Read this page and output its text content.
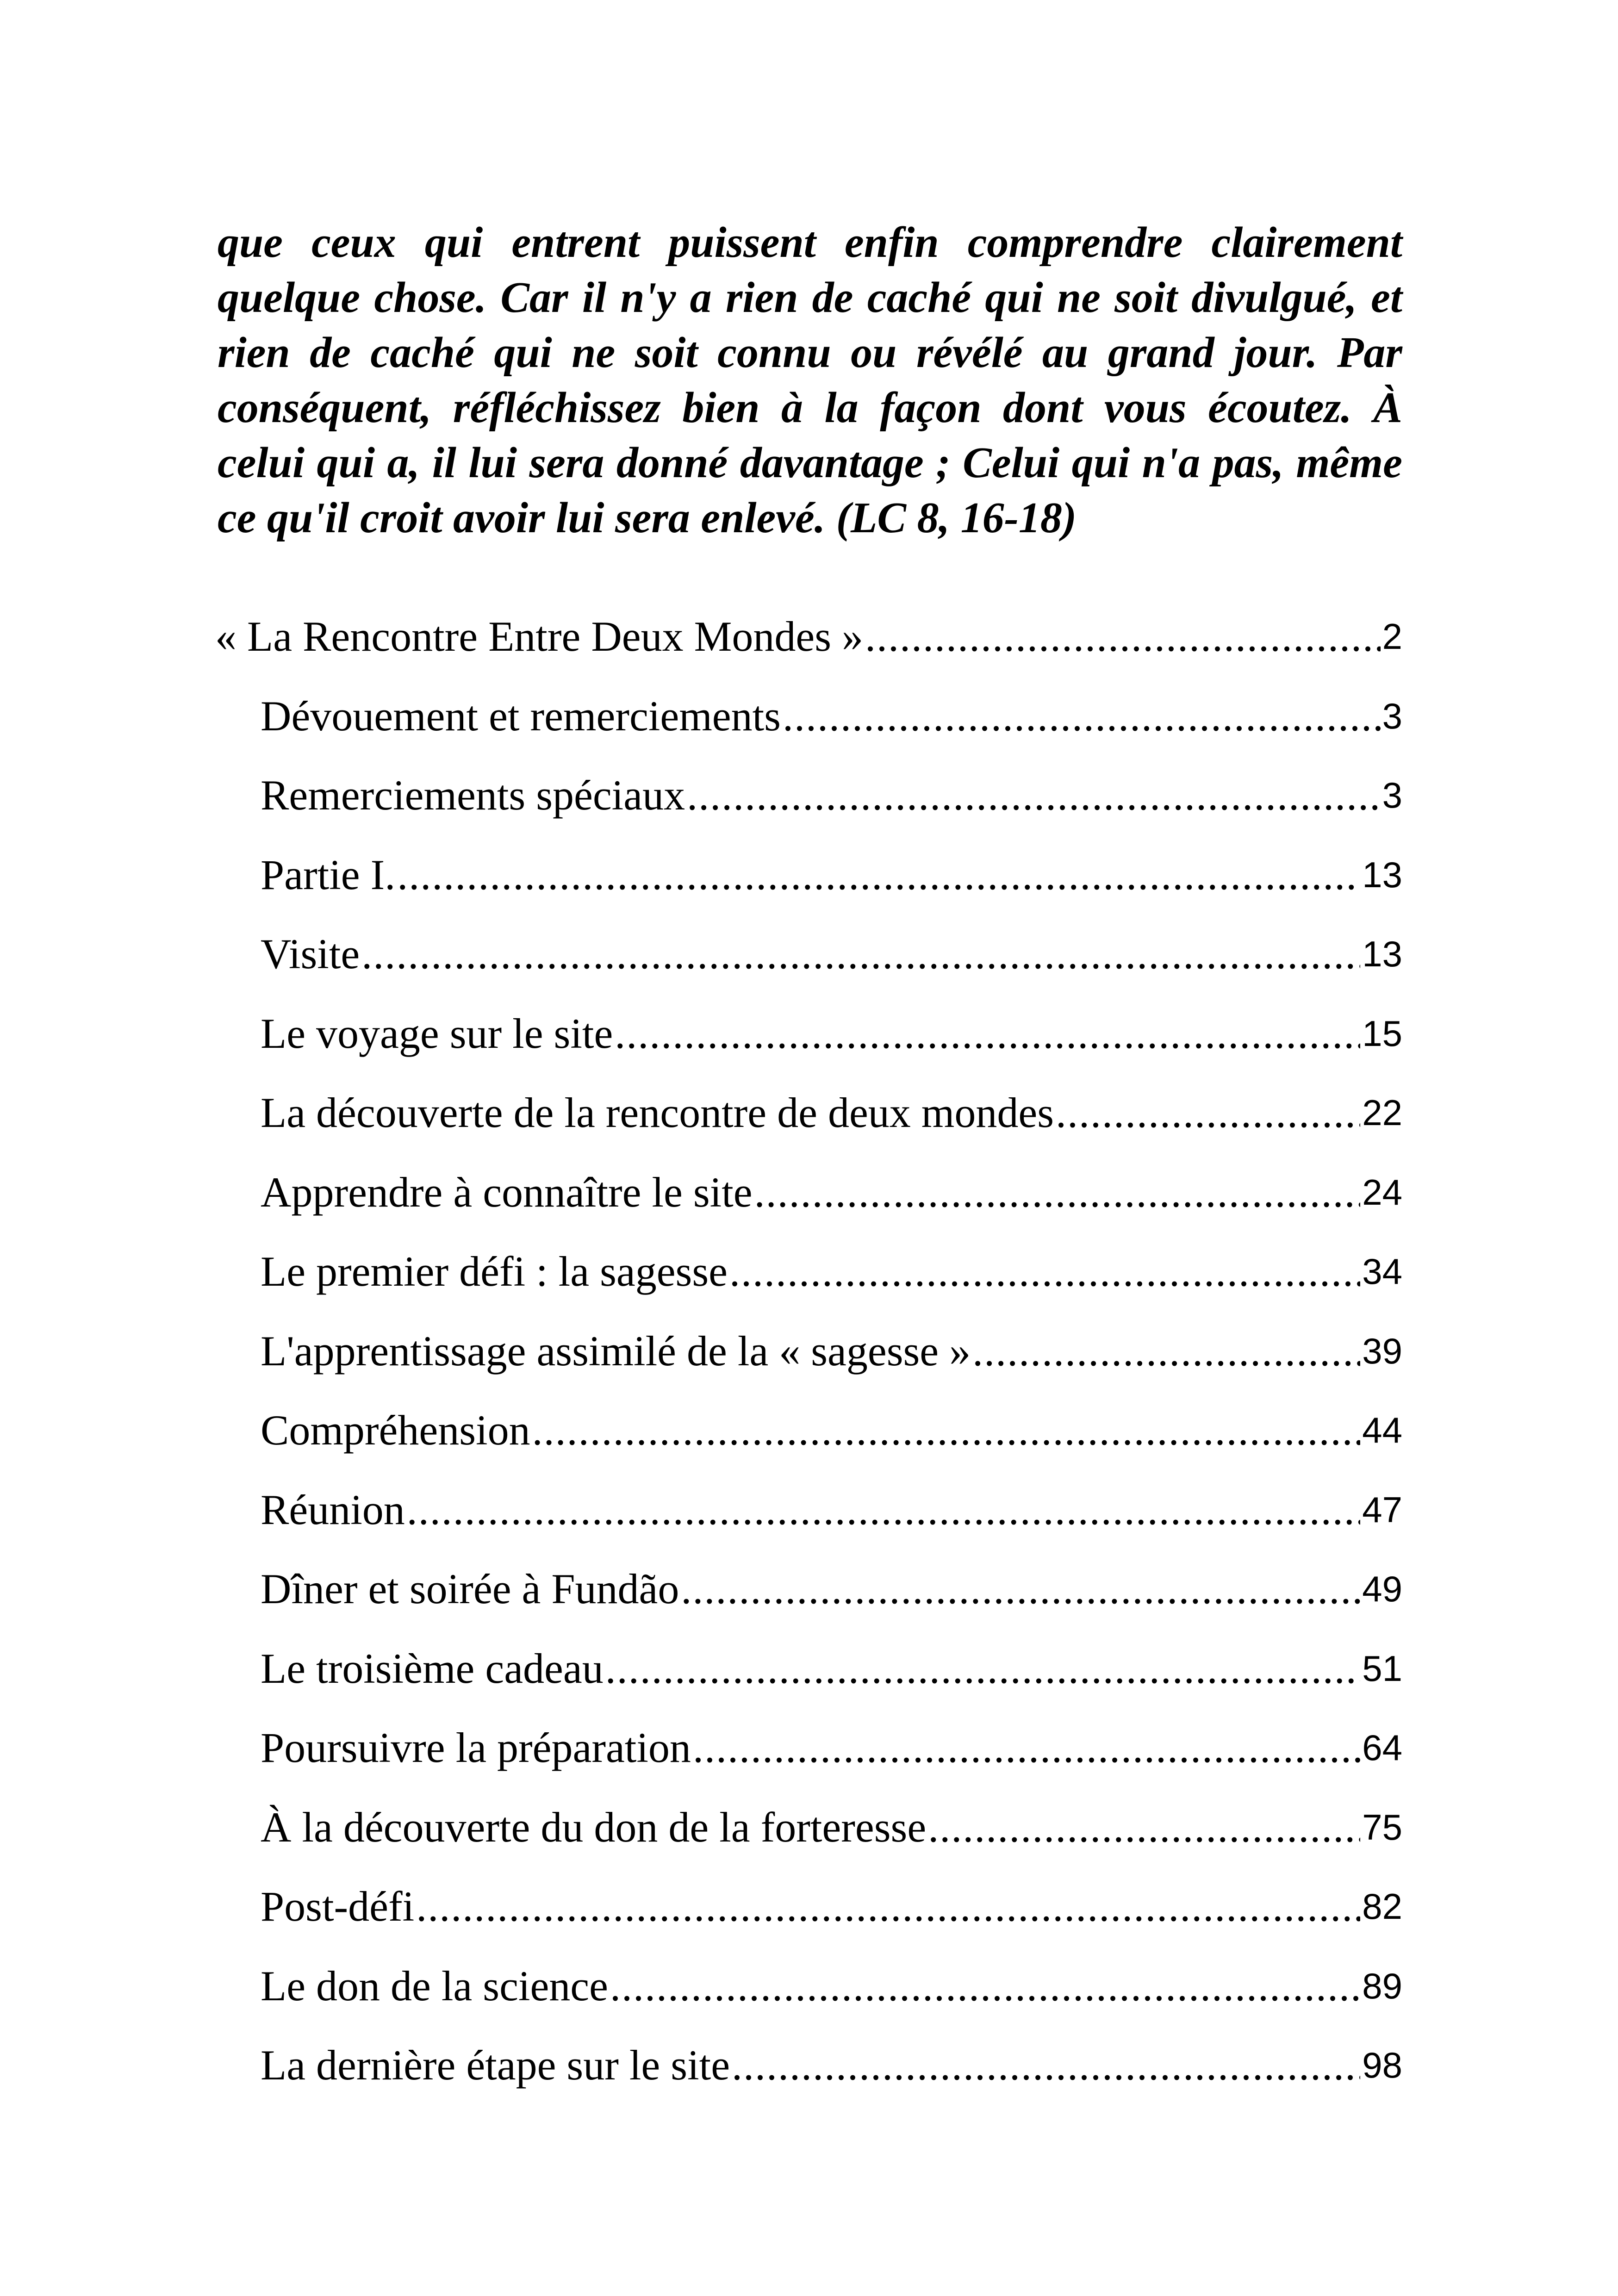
que ceux qui entrent puissent enfin comprendre clairement quelque chose. Car il n'y a rien de caché qui ne soit divulgué, et rien de caché qui ne soit connu ou révélé au grand jour. Par conséquent, réfléchissez bien à la façon dont vous écoutez. À celui qui a, il lui sera donné davantage ; Celui qui n'a pas, même ce qu'il croit avoir lui sera enlevé. (LC 8, 16-18)

« La Rencontre Entre Deux Mondes » .....	2
Dévouement et remerciements .....	3
Remerciements spéciaux .....	3
Partie I. .....	13
Visite .....	13
Le voyage sur le site .....	15
La découverte de la rencontre de deux mondes .....	22
Apprendre à connaître le site .....	24
Le premier défi : la sagesse .....	34
L'apprentissage assimilé de la « sagesse » .....	39
Compréhension .....	44
Réunion .....	47
Dîner et soirée à Fundão .....	49
Le troisième cadeau .....	51
Poursuivre la préparation .....	64
À la découverte du don de la forteresse .....	75
Post-défi .....	82
Le don de la science .....	89
La dernière étape sur le site .....	98
